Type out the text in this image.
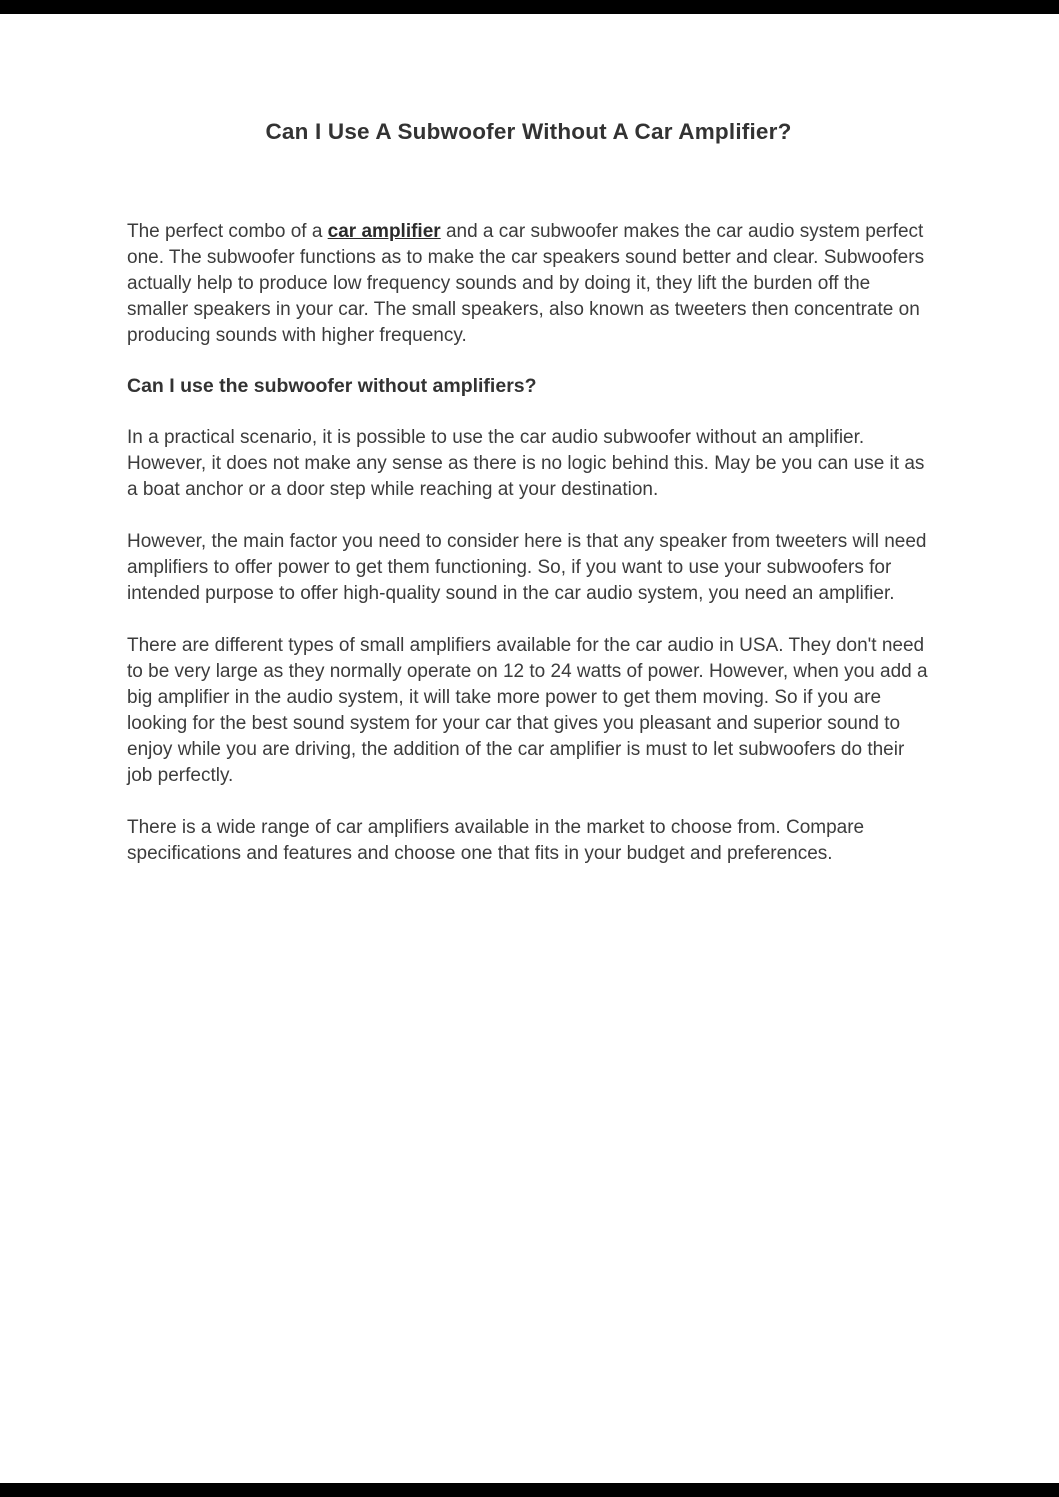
Can I Use A Subwoofer Without A Car Amplifier?

The perfect combo of a car amplifier and a car subwoofer makes the car audio system perfect one. The subwoofer functions as to make the car speakers sound better and clear. Subwoofers actually help to produce low frequency sounds and by doing it, they lift the burden off the smaller speakers in your car. The small speakers, also known as tweeters then concentrate on producing sounds with higher frequency.

Can I use the subwoofer without amplifiers?

In a practical scenario, it is possible to use the car audio subwoofer without an amplifier. However, it does not make any sense as there is no logic behind this. May be you can use it as a boat anchor or a door step while reaching at your destination.

However, the main factor you need to consider here is that any speaker from tweeters will need amplifiers to offer power to get them functioning. So, if you want to use your subwoofers for intended purpose to offer high-quality sound in the car audio system, you need an amplifier.

There are different types of small amplifiers available for the car audio in USA. They don't need to be very large as they normally operate on 12 to 24 watts of power. However, when you add a big amplifier in the audio system, it will take more power to get them moving. So if you are looking for the best sound system for your car that gives you pleasant and superior sound to enjoy while you are driving, the addition of the car amplifier is must to let subwoofers do their job perfectly.

There is a wide range of car amplifiers available in the market to choose from. Compare specifications and features and choose one that fits in your budget and preferences.
